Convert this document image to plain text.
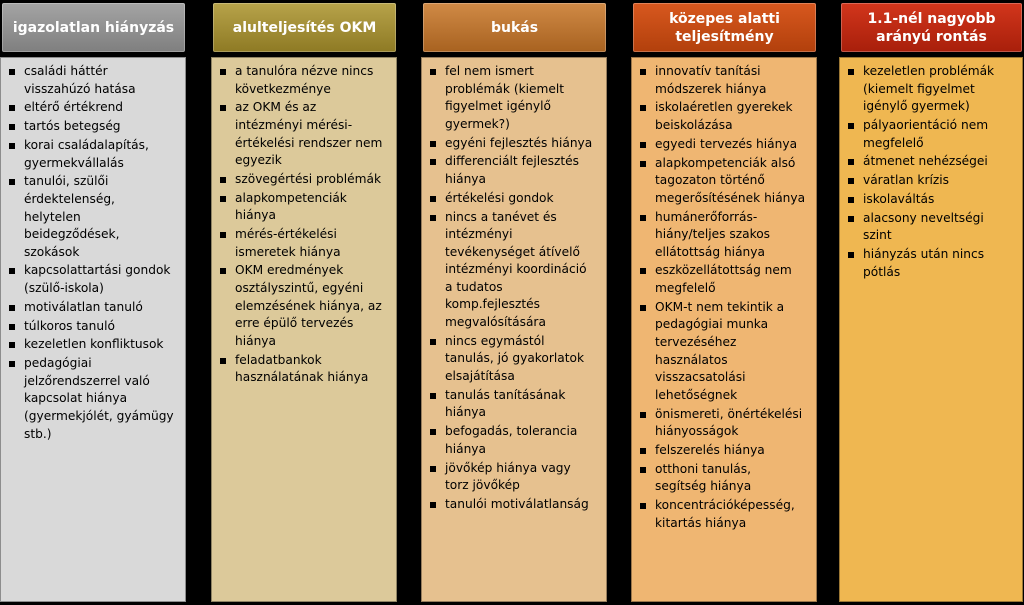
igazolatlan hiányzás
családi háttér
visszahúzó hatása
eltérő értékrend
tartós betegség
korai családalapítás,
gyermekvállalás
tanulói, szülői
érdektelenség,
helytelen
beidegződések,
szokások
kapcsolattartási gondok
(szülő-iskola)
motiválatlan tanuló
túlkoros tanuló
kezeletlen konfliktusok
pedagógiai
jelzőrendszerrel való
kapcsolat hiánya
(gyermekjólét, gyámügy
stb.)
alulteljesítés OKM
a tanulóra nézve nincs
következménye
az OKM és az
intézményi mérési-
értékelési rendszer nem
egyezik
szövegértési problémák
alapkompetenciák
hiánya
mérés-értékelési
ismeretek hiánya
OKM eredmények
osztályszintű, egyéni
elemzésének hiánya, az
erre épülő tervezés
hiánya
feladatbankok
használatának hiánya
bukás
fel nem ismert
problémák (kiemelt
figyelmet igénylő
gyermek?)
egyéni fejlesztés hiánya
differenciált fejlesztés
hiánya
értékelési gondok
nincs a tanévet és
intézményi
tevékenységet átívelő
intézményi koordináció
a tudatos
komp.fejlesztés
megvalósítására
nincs egymástól
tanulás, jó gyakorlatok
elsajátítása
tanulás tanításának
hiánya
befogadás, tolerancia
hiánya
jövőkép hiánya vagy
torz jövőkép
tanulói motiválatlanság
közepes alatti
teljesítmény
innovatív tanítási
módszerek hiánya
iskolaéretlen gyerekek
beiskolázása
egyedi tervezés hiánya
alapkompetenciák alsó
tagozaton történő
megerősítésének hiánya
humánerőforrás-
hiány/teljes szakos
ellátottság hiánya
eszközellátottság nem
megfelelő
OKM-t nem tekintik a
pedagógiai munka
tervezéséhez
használatos
visszacsatolási
lehetőségnek
önismereti, önértékelési
hiányosságok
felszerelés hiánya
otthoni tanulás,
segítség hiánya
koncentrációképesség,
kitartás hiánya
1.1-nél nagyobb
arányú rontás
kezeletlen problémák
(kiemelt figyelmet
igénylő gyermek)
pályaorientáció nem
megfelelő
átmenet nehézségei
váratlan krízis
iskolaváltás
alacsony neveltségi
szint
hiányzás után nincs
pótlás
